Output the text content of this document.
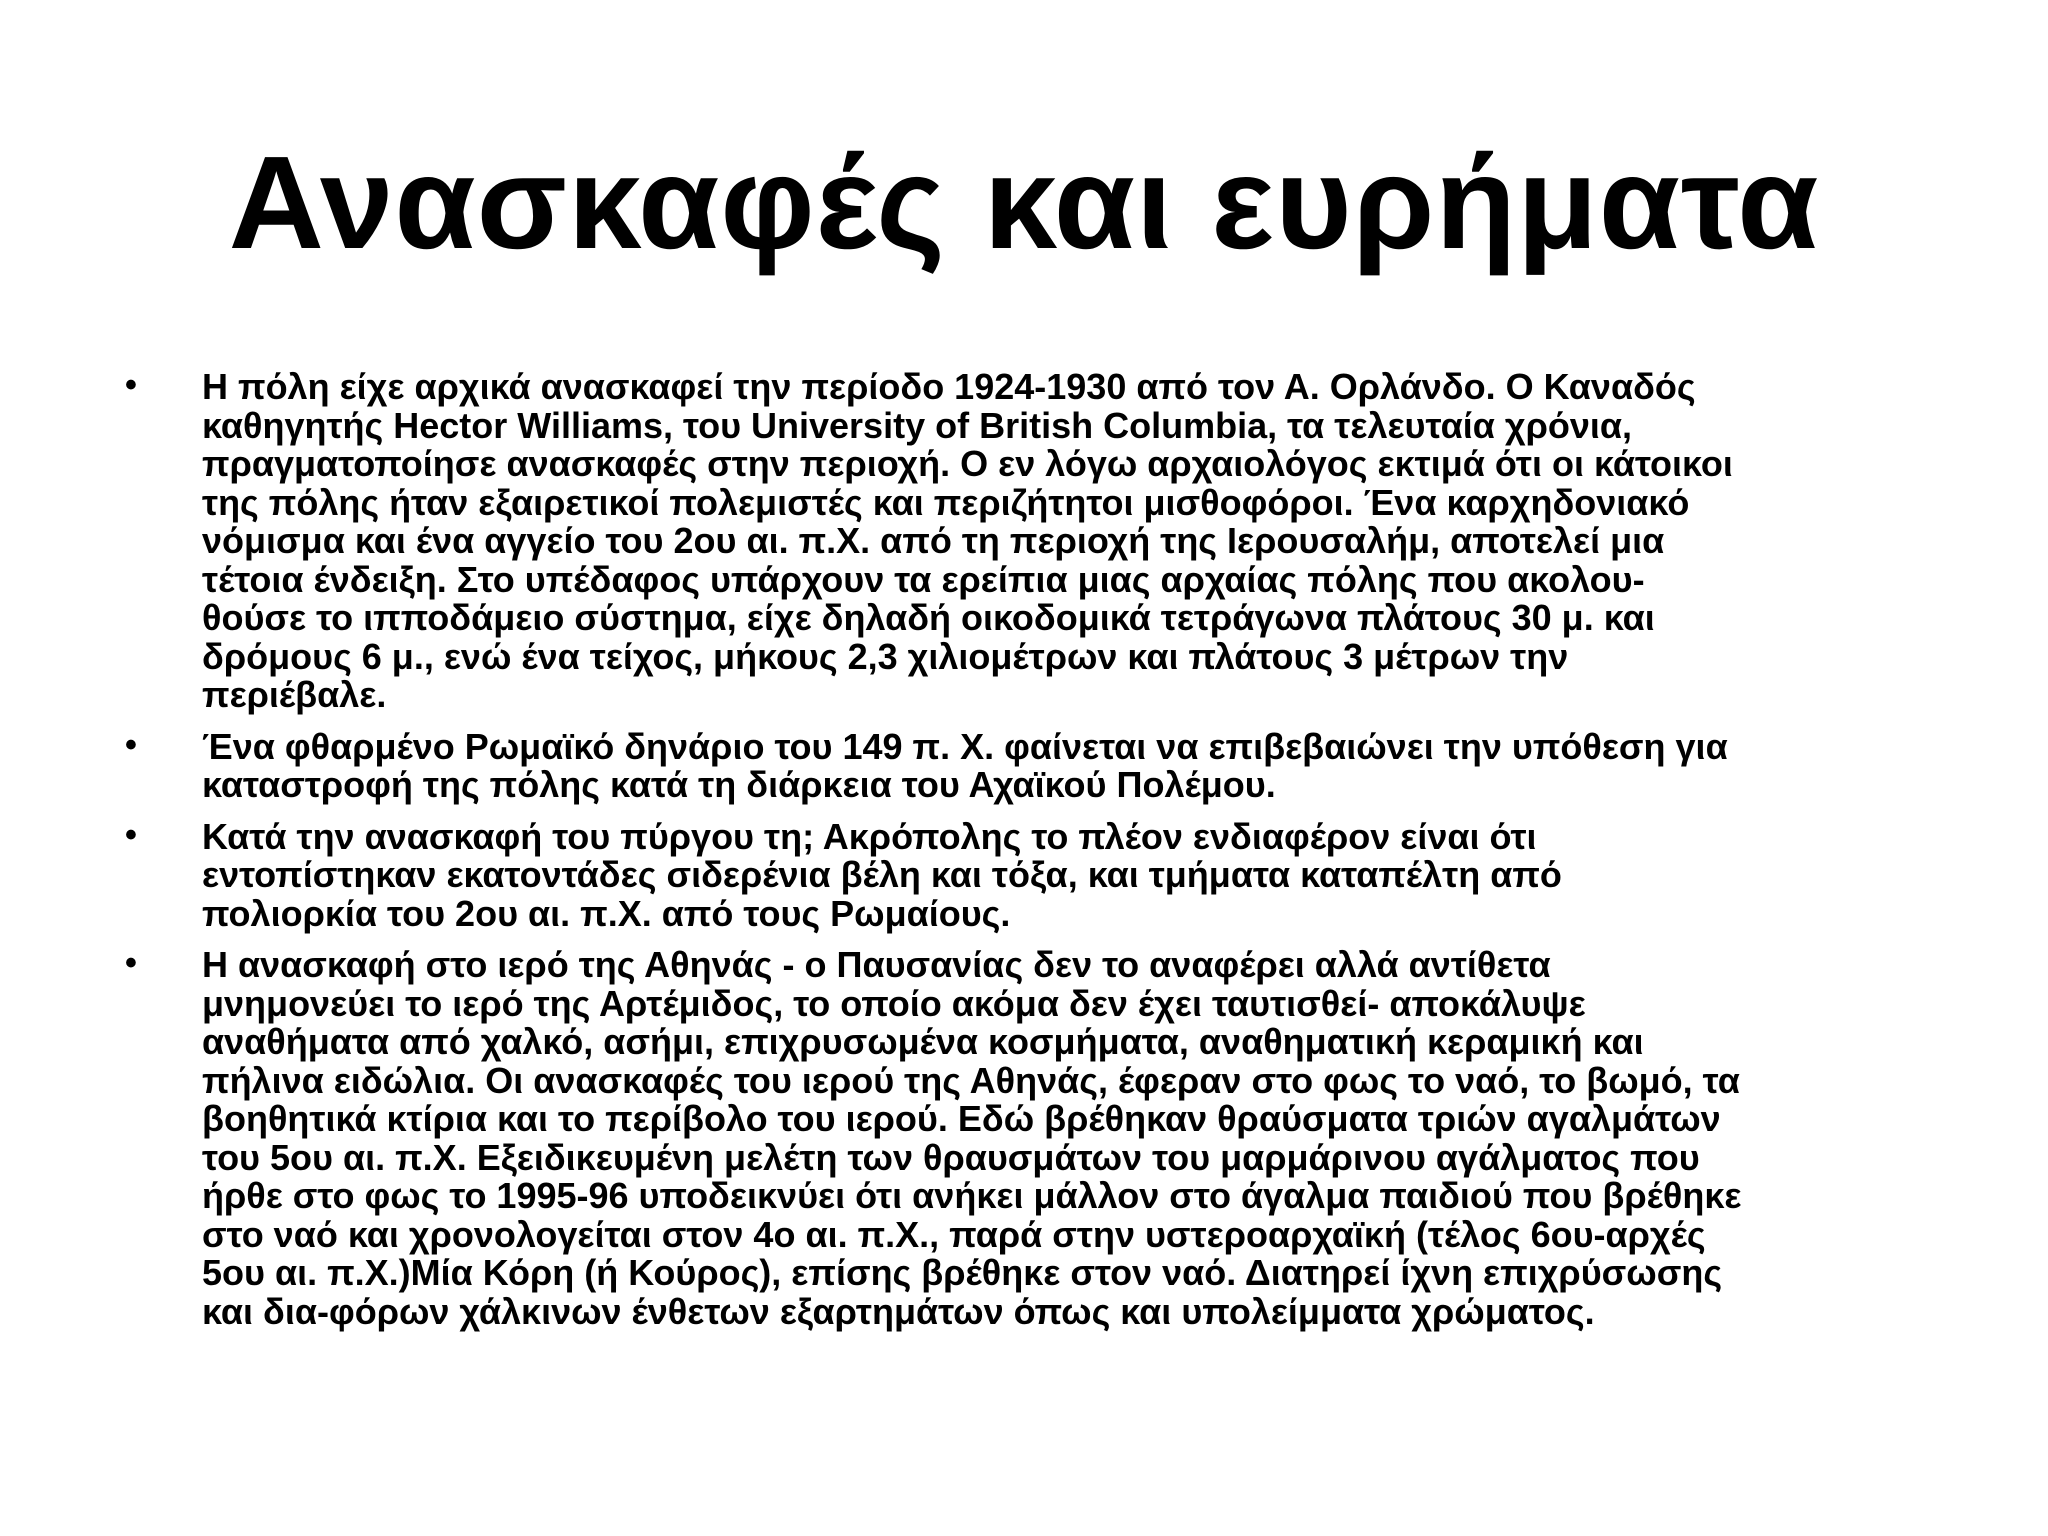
Ανασκαφές και ευρήματα
• Η πόλη είχε αρχικά ανασκαφεί την περίοδο 1924-1930 από τον Α. Ορλάνδο. Ο Καναδός
καθηγητής Hector Williams, του University of British Columbia, τα τελευταία χρόνια,
πραγματοποίησε ανασκαφές στην περιοχή. Ο εν λόγω αρχαιολόγος εκτιμά ότι οι κάτοικοι
της πόλης ήταν εξαιρετικοί πολεμιστές και περιζήτητοι μισθοφόροι. Ένα καρχηδονιακό
νόμισμα και ένα αγγείο του 2ου αι. π.Χ. από τη περιοχή της Ιερουσαλήμ, αποτελεί μια
τέτοια ένδειξη. Στο υπέδαφος υπάρχουν τα ερείπια μιας αρχαίας πόλης που ακολου-
θούσε το ιπποδάμειο σύστημα, είχε δηλαδή οικοδομικά τετράγωνα πλάτους 30 μ. και
δρόμους 6 μ., ενώ ένα τείχος, μήκους 2,3 χιλιομέτρων και πλάτους 3 μέτρων την
περιέβαλε.
• Ένα φθαρμένο Ρωμαϊκό δηνάριο του 149 π. Χ. φαίνεται να επιβεβαιώνει την υπόθεση για
καταστροφή της πόλης κατά τη διάρκεια του Αχαϊκού Πολέμου.
• Κατά την ανασκαφή του πύργου τη; Ακρόπολης το πλέον ενδιαφέρον είναι ότι
εντοπίστηκαν εκατοντάδες σιδερένια βέλη και τόξα, και τμήματα καταπέλτη από
πολιορκία του 2ου αι. π.Χ. από τους Ρωμαίους.
• Η ανασκαφή στο ιερό της Αθηνάς - ο Παυσανίας δεν το αναφέρει αλλά αντίθετα
μνημονεύει το ιερό της Αρτέμιδος, το οποίο ακόμα δεν έχει ταυτισθεί- αποκάλυψε
αναθήματα από χαλκό, ασήμι, επιχρυσωμένα κοσμήματα, αναθηματική κεραμική και
πήλινα ειδώλια. Οι ανασκαφές του ιερού της Αθηνάς, έφεραν στο φως το ναό, το βωμό, τα
βοηθητικά κτίρια και το περίβολο του ιερού. Εδώ βρέθηκαν θραύσματα τριών αγαλμάτων
του 5ου αι. π.Χ. Εξειδικευμένη μελέτη των θραυσμάτων του μαρμάρινου αγάλματος που
ήρθε στο φως το 1995-96 υποδεικνύει ότι ανήκει μάλλον στο άγαλμα παιδιού που βρέθηκε
στο ναό και χρονολογείται στον 4ο αι. π.Χ., παρά στην υστεροαρχαϊκή (τέλος 6ου-αρχές
5ου αι. π.Χ.)Μία Κόρη (ή Κούρος), επίσης βρέθηκε στον ναό. Διατηρεί ίχνη επιχρύσωσης
και δια-φόρων χάλκινων ένθετων εξαρτημάτων όπως και υπολείμματα χρώματος.
